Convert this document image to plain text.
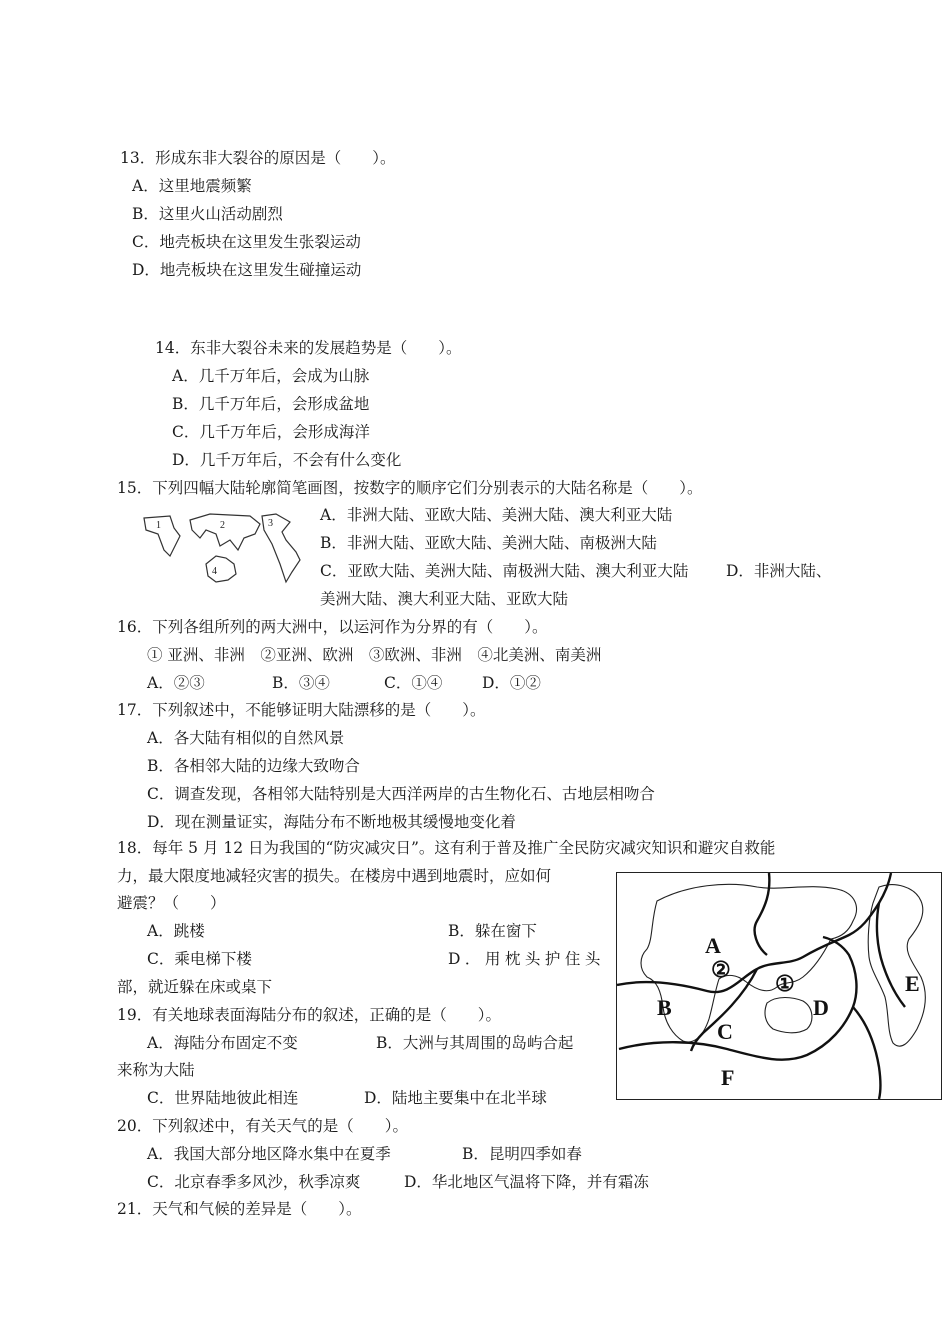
13．形成东非大裂谷的原因是（　　）。
A．这里地震频繁
B．这里火山活动剧烈
C．地壳板块在这里发生张裂运动
D．地壳板块在这里发生碰撞运动
14．东非大裂谷未来的发展趋势是（　　）。
A．几千万年后，会成为山脉
B．几千万年后，会形成盆地
C．几千万年后，会形成海洋
D．几千万年后，不会有什么变化
15．下列四幅大陆轮廓简笔画图，按数字的顺序它们分别表示的大陆名称是（　　）。
1	2	3
4
A．非洲大陆、亚欧大陆、美洲大陆、澳大利亚大陆
B．非洲大陆、亚欧大陆、美洲大陆、南极洲大陆
C．亚欧大陆、美洲大陆、南极洲大陆、澳大利亚大陆 D．非洲大陆、
美洲大陆、澳大利亚大陆、亚欧大陆
16．下列各组所列的两大洲中，以运河作为分界的有（　　）。
① 亚洲、非洲　②亚洲、欧洲　③欧洲、非洲　④北美洲、南美洲
A．②③	B．③④	C．①④	D．①②
17．下列叙述中，不能够证明大陆漂移的是（　　）。
A．各大陆有相似的自然风景
B．各相邻大陆的边缘大致吻合
C．调查发现，各相邻大陆特别是大西洋两岸的古生物化石、古地层相吻合
D．现在测量证实，海陆分布不断地极其缓慢地变化着
18．每年 5 月 12 日为我国的“防灾减灾日”。这有利于普及推广全民防灾减灾知识和避灾自救能
力，最大限度地减轻灾害的损失。在楼房中遇到地震时，应如何
避震？（　　）
A．跳楼	B．躲在窗下
C．乘电梯下楼	D．用枕头护住头
部，就近躲在床或桌下
A
B
C
D
E
F
①
②
19．有关地球表面海陆分布的叙述，正确的是（　　）。
A．海陆分布固定不变	B．大洲与其周围的岛屿合起
来称为大陆
C．世界陆地彼此相连	D．陆地主要集中在北半球
20．下列叙述中，有关天气的是（　　）。
A．我国大部分地区降水集中在夏季	B．昆明四季如春
C．北京春季多风沙，秋季凉爽	D．华北地区气温将下降，并有霜冻
21．天气和气候的差异是（　　）。
